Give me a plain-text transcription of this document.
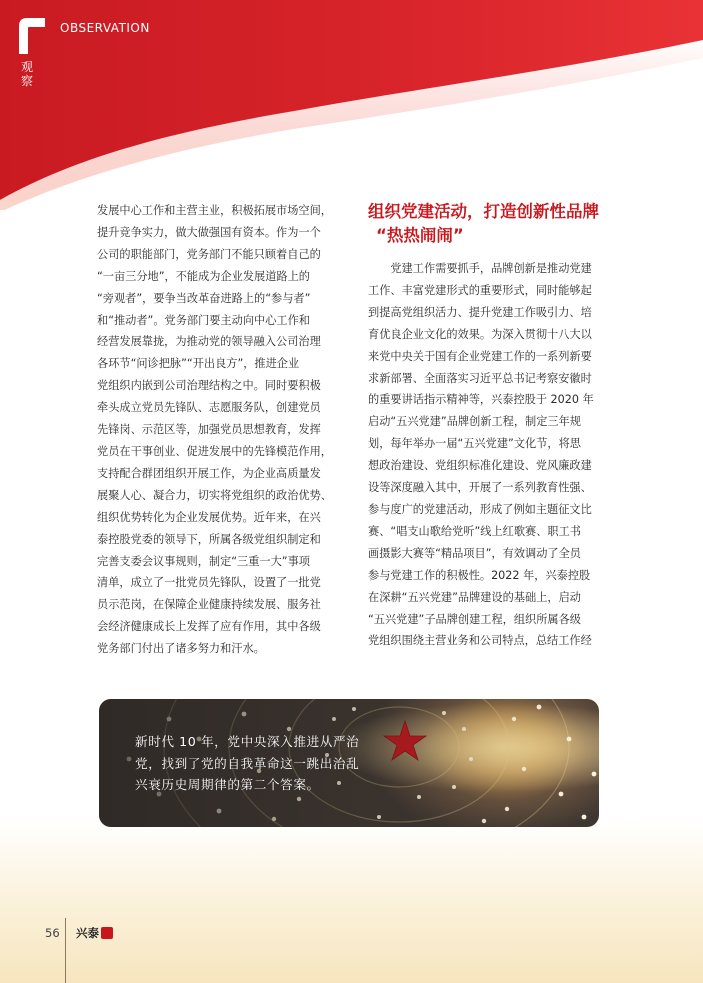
OBSERVATION
观察

发展中心工作和主营主业，积极拓展市场空间，

提升竞争实力，做大做强国有资本。作为一个

公司的职能部门，党务部门不能只顾着自己的

“一亩三分地”，不能成为企业发展道路上的

“旁观者”，要争当改革奋进路上的“参与者”

和“推动者”。党务部门要主动向中心工作和

经营发展靠拢，为推动党的领导融入公司治理

各环节“问诊把脉”“开出良方”，推进企业

党组织内嵌到公司治理结构之中。同时要积极

牵头成立党员先锋队、志愿服务队，创建党员

先锋岗、示范区等，加强党员思想教育，发挥

党员在干事创业、促进发展中的先锋模范作用，

支持配合群团组织开展工作，为企业高质量发

展聚人心、凝合力，切实将党组织的政治优势、

组织优势转化为企业发展优势。近年来，在兴

泰控股党委的领导下，所属各级党组织制定和

完善支委会议事规则，制定“三重一大”事项

清单，成立了一批党员先锋队，设置了一批党

员示范岗，在保障企业健康持续发展、服务社

会经济健康成长上发挥了应有作用，其中各级

党务部门付出了诸多努力和汗水。

组织党建活动，打造创新性品牌
“热热闹闹”

党建工作需要抓手，品牌创新是推动党建

工作、丰富党建形式的重要形式，同时能够起

到提高党组织活力、提升党建工作吸引力、培

育优良企业文化的效果。为深入贯彻十八大以

来党中央关于国有企业党建工作的一系列新要

求新部署、全面落实习近平总书记考察安徽时

的重要讲话指示精神等，兴泰控股于 2020 年

启动“五兴党建”品牌创新工程，制定三年规

划，每年举办一届“五兴党建”文化节，将思

想政治建设、党组织标准化建设、党风廉政建

设等深度融入其中，开展了一系列教育性强、

参与度广的党建活动，形成了例如主题征文比

赛、“唱支山歌给党听”线上红歌赛、职工书

画摄影大赛等“精品项目”，有效调动了全员

参与党建工作的积极性。2022 年，兴泰控股

在深耕“五兴党建”品牌建设的基础上，启动

“五兴党建”子品牌创建工程，组织所属各级

党组织围绕主营业务和公司特点，总结工作经

新时代 10 年，党中央深入推进从严治
党，找到了党的自我革命这一跳出治乱
兴衰历史周期律的第二个答案。
56 兴泰
